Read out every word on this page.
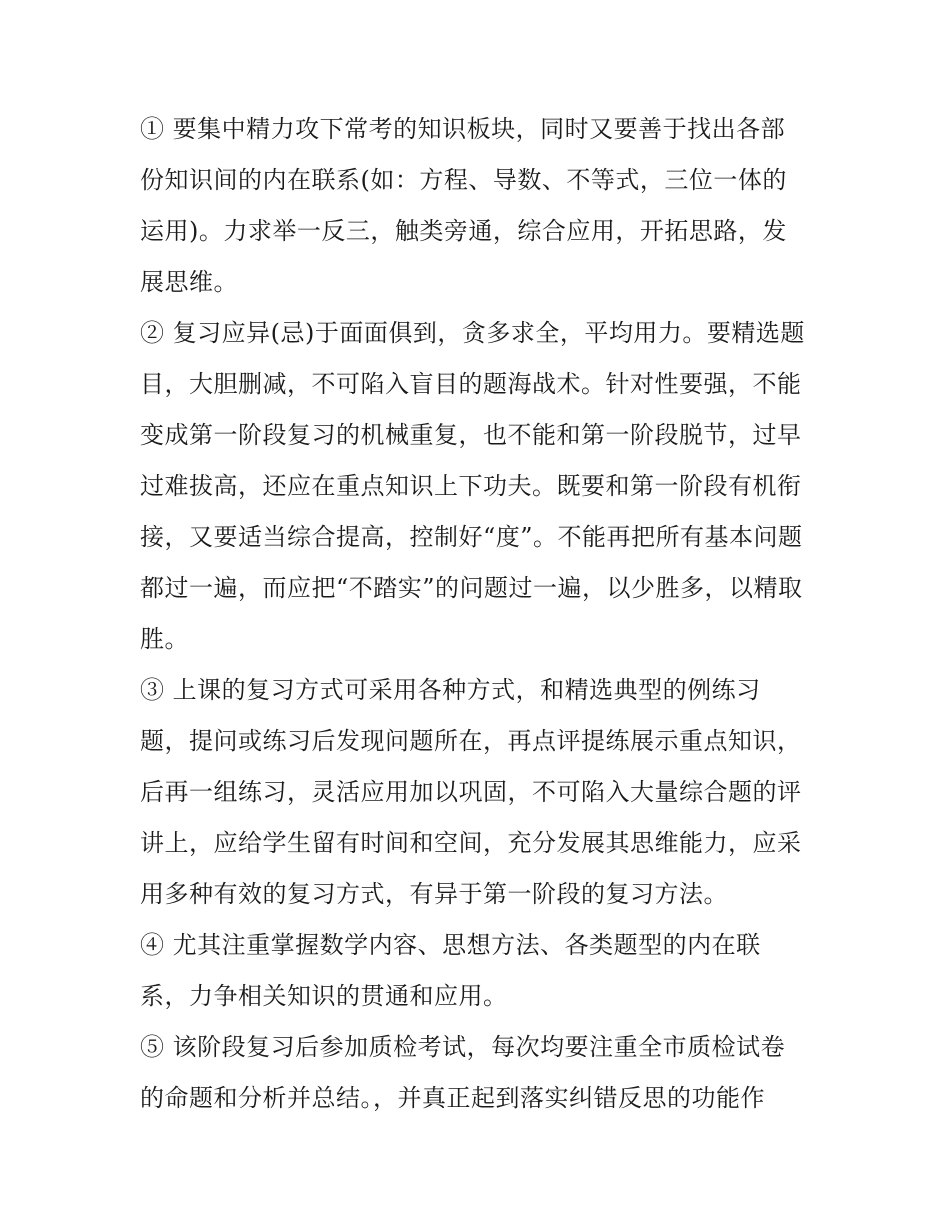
① 要集中精力攻下常考的知识板块，同时又要善于找出各部
份知识间的内在联系(如：方程、导数、不等式，三位一体的
运用)。力求举一反三，触类旁通，综合应用，开拓思路，发
展思维。
② 复习应异(忌)于面面俱到，贪多求全，平均用力。要精选题
目，大胆删减，不可陷入盲目的题海战术。针对性要强，不能
变成第一阶段复习的机械重复，也不能和第一阶段脱节，过早
过难拔高，还应在重点知识上下功夫。既要和第一阶段有机衔
接，又要适当综合提高，控制好“度”。不能再把所有基本问题
都过一遍，而应把“不踏实”的问题过一遍，以少胜多，以精取
胜。
③ 上课的复习方式可采用各种方式，和精选典型的例练习
题，提问或练习后发现问题所在，再点评提练展示重点知识，
后再一组练习，灵活应用加以巩固，不可陷入大量综合题的评
讲上，应给学生留有时间和空间，充分发展其思维能力，应采
用多种有效的复习方式，有异于第一阶段的复习方法。
④ 尤其注重掌握数学内容、思想方法、各类题型的内在联
系，力争相关知识的贯通和应用。
⑤ 该阶段复习后参加质检考试，每次均要注重全市质检试卷
的命题和分析并总结。，并真正起到落实纠错反思的功能作
